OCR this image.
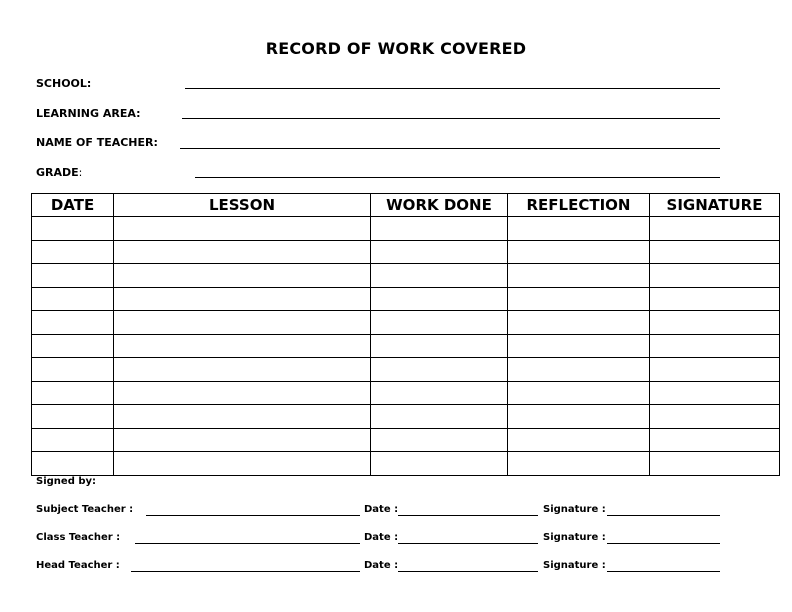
RECORD OF WORK COVERED
SCHOOL:
LEARNING AREA:
NAME OF TEACHER:
GRADE:
DATE	LESSON	WORK DONE	REFLECTION	SIGNATURE

Signed by:
Subject Teacher :	Date :	Signature :
Class Teacher :	Date :	Signature :
Head Teacher :	Date :	Signature :
